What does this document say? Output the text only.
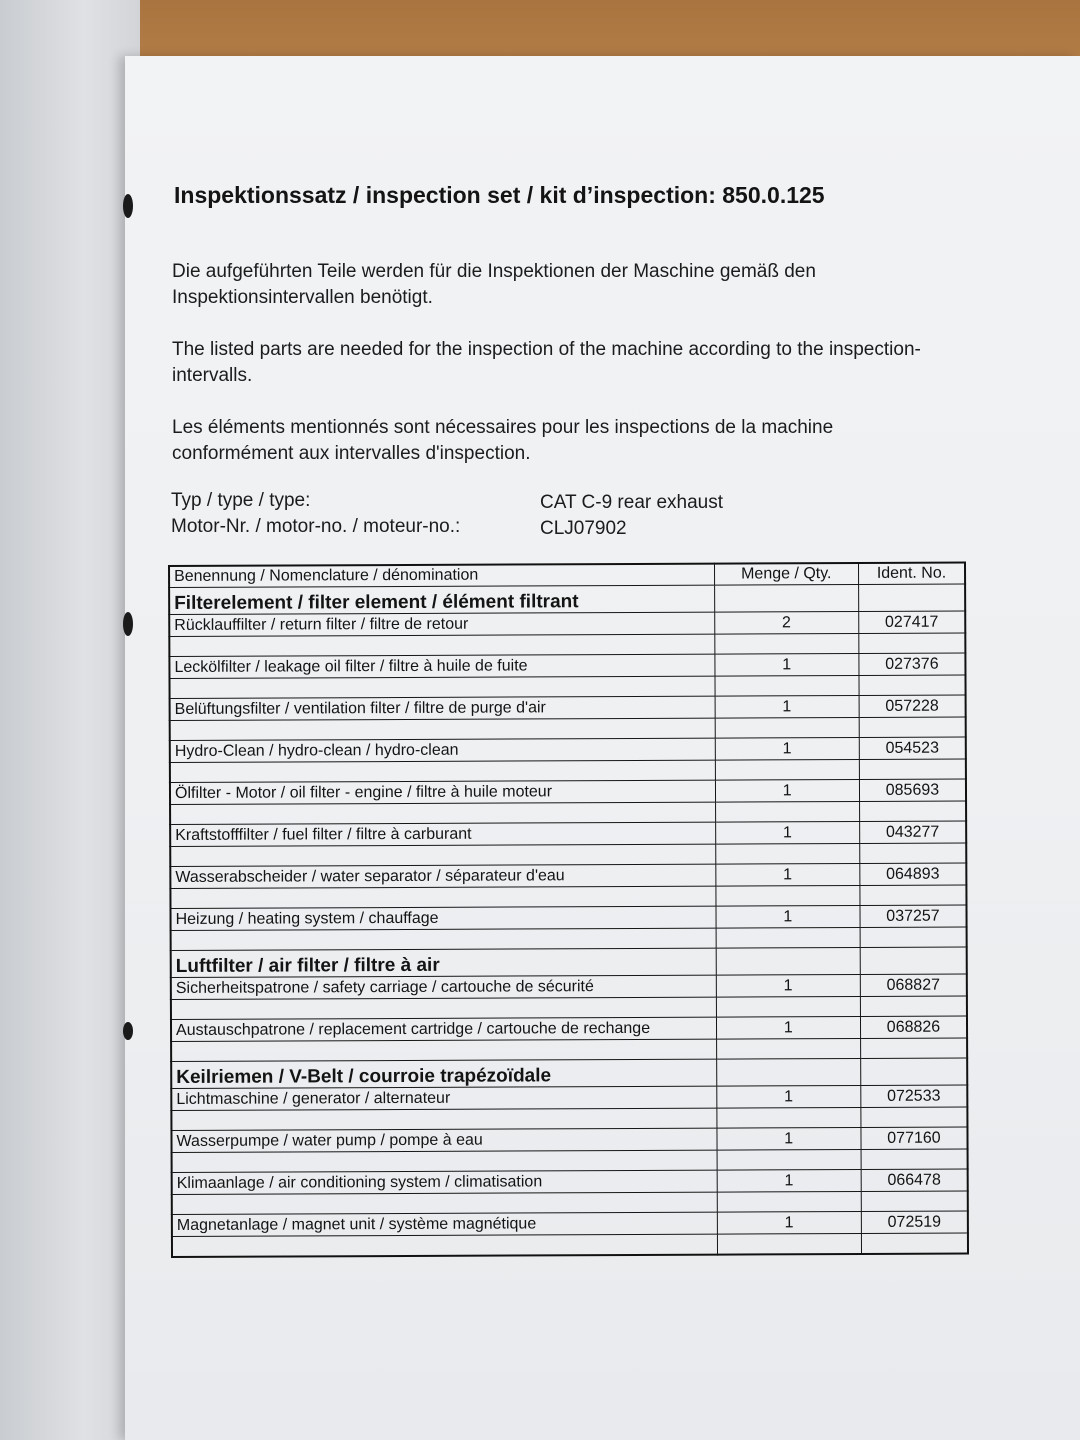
Inspektionssatz / inspection set / kit d’inspection: 850.0.125
Die aufgeführten Teile werden für die Inspektionen der Maschine gemäß den Inspektionsintervallen benötigt.
The listed parts are needed for the inspection of the machine according to the inspection-intervalls.
Les éléments mentionnés sont nécessaires pour les inspections de la machine conformément aux intervalles d'inspection.
Typ / type / type:	CAT C-9 rear exhaust
Motor-Nr. / motor-no. / moteur-no.:	CLJ07902
Benennung / Nomenclature / dénomination	Menge / Qty.	Ident. No.
Filterelement / filter element / élément filtrant		
Rücklauffilter / return filter / filtre de retour	2	027417

Leckölfilter / leakage oil filter / filtre à huile de fuite	1	027376

Belüftungsfilter / ventilation filter / filtre de purge d'air	1	057228

Hydro-Clean / hydro-clean / hydro-clean	1	054523

Ölfilter - Motor / oil filter - engine / filtre à huile moteur	1	085693

Kraftstofffilter / fuel filter / filtre à carburant	1	043277

Wasserabscheider / water separator / séparateur d'eau	1	064893

Heizung / heating system / chauffage	1	037257

Luftfilter / air filter / filtre à air		
Sicherheitspatrone / safety carriage / cartouche de sécurité	1	068827

Austauschpatrone / replacement cartridge / cartouche de rechange	1	068826

Keilriemen / V-Belt / courroie trapézoïdale		
Lichtmaschine / generator / alternateur	1	072533

Wasserpumpe / water pump / pompe à eau	1	077160

Klimaanlage / air conditioning system / climatisation	1	066478

Magnetanlage / magnet unit / système magnétique	1	072519
